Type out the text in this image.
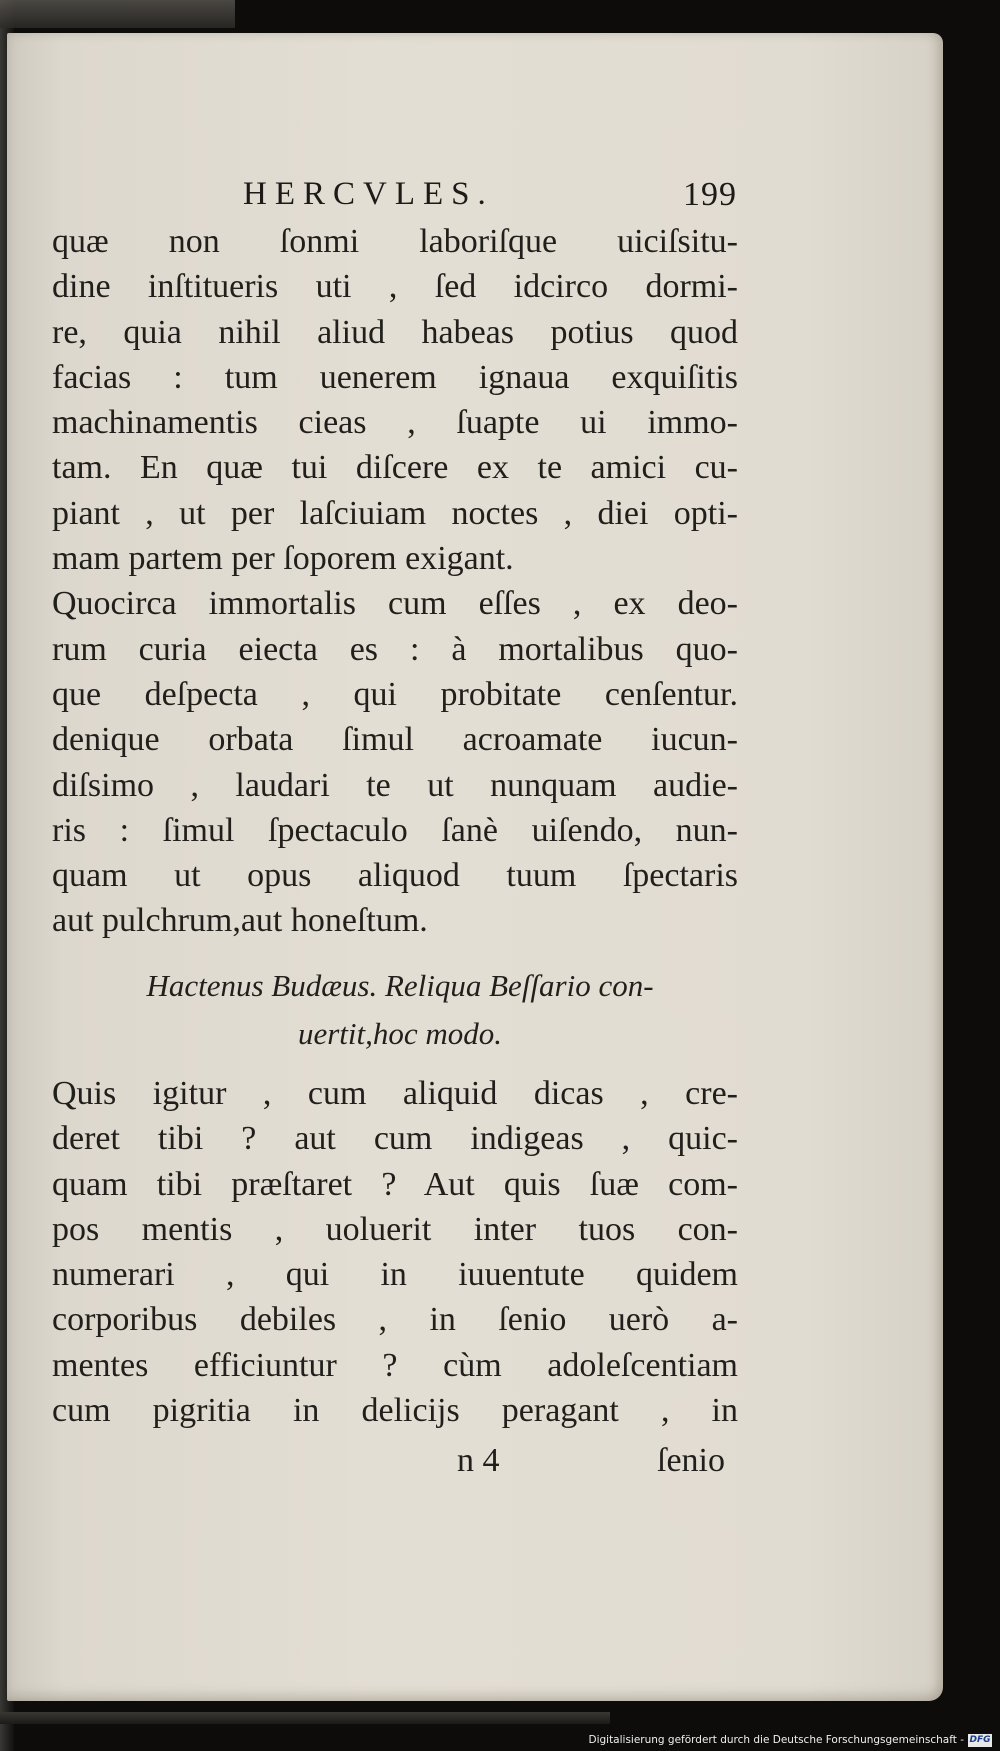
HERCVLES.	199
quæ non ſonmi laboriſque uiciſsitu-
dine inſtitueris uti , ſed idcirco dormi-
re, quia nihil aliud habeas potius quod
facias : tum uenerem ignaua exquiſitis
machinamentis cieas , ſuapte ui immo-
tam. En quæ tui diſcere ex te amici cu-
piant , ut per laſciuiam noctes , diei opti-
mam partem per ſoporem exigant.
Quocirca immortalis cum eſſes , ex deo-
rum curia eiecta es : à mortalibus quo-
que deſpecta , qui probitate cenſentur.
denique orbata ſimul acroamate iucun-
diſsimo , laudari te ut nunquam audie-
ris : ſimul ſpectaculo ſanè uiſendo, nun-
quam ut opus aliquod tuum ſpectaris
aut pulchrum,aut honeſtum.
Hactenus Budæus. Reliqua Beſſario con-
uertit,hoc modo.
Quis igitur , cum aliquid dicas , cre-
deret tibi ? aut cum indigeas , quic-
quam tibi præſtaret ? Aut quis ſuæ com-
pos mentis , uoluerit inter tuos con-
numerari , qui in iuuentute quidem
corporibus debiles , in ſenio uerò a-
mentes efficiuntur ? cùm adoleſcentiam
cum pigritia in delicijs peragant , in
n 4	ſenio
Digitalisierung gefördert durch die Deutsche Forschungsgemeinschaft - DFG
